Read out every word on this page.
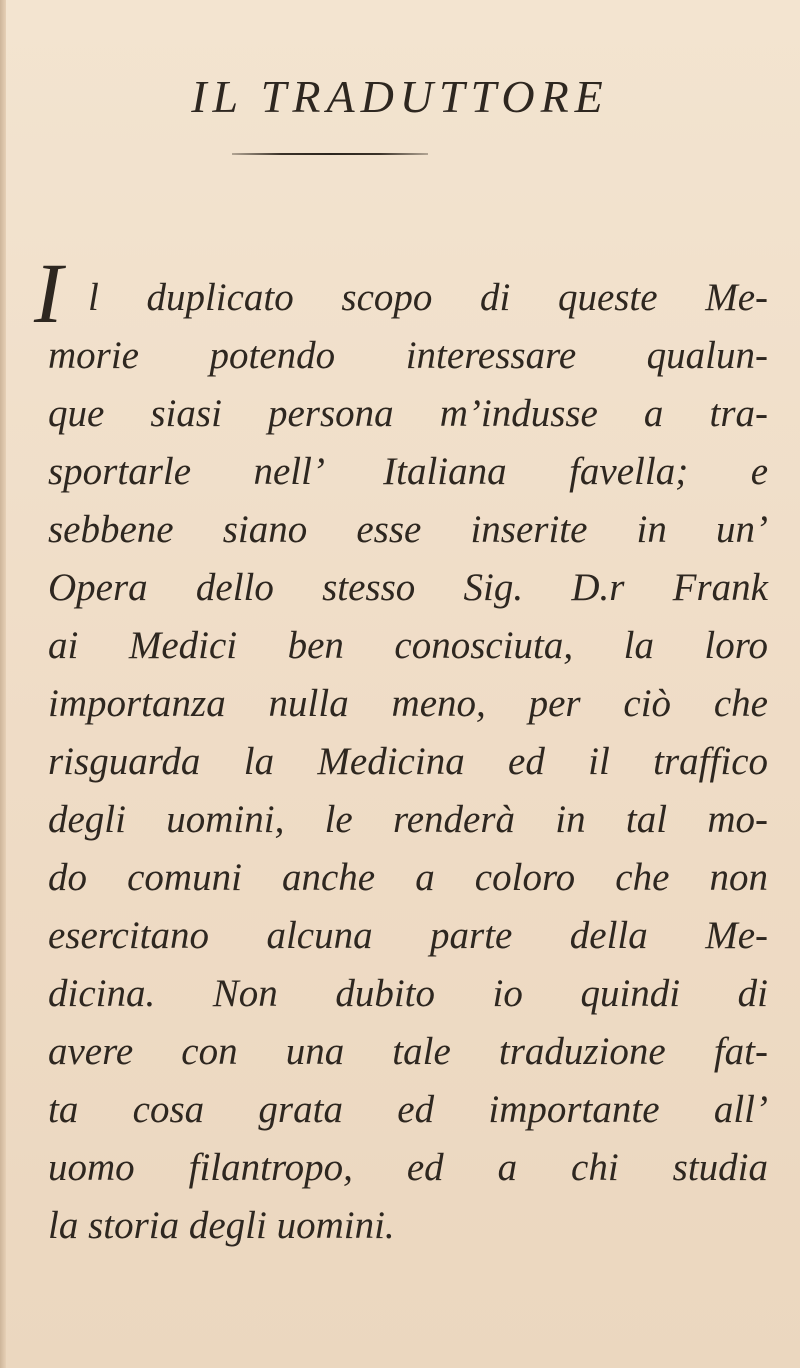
IL TRADUTTORE
I l duplicato scopo di queste Me-
morie potendo interessare qualun-
que siasi persona m’indusse a tra-
sportarle nell’ Italiana favella; e
sebbene siano esse inserite in un’
Opera dello stesso Sig. D.r Frank
ai Medici ben conosciuta, la loro
importanza nulla meno, per ciò che
risguarda la Medicina ed il traffico
degli uomini, le renderà in tal mo-
do comuni anche a coloro che non
esercitano alcuna parte della Me-
dicina. Non dubito io quindi di
avere con una tale traduzione fat-
ta cosa grata ed importante all’
uomo filantropo, ed a chi studia
la storia degli uomini.
